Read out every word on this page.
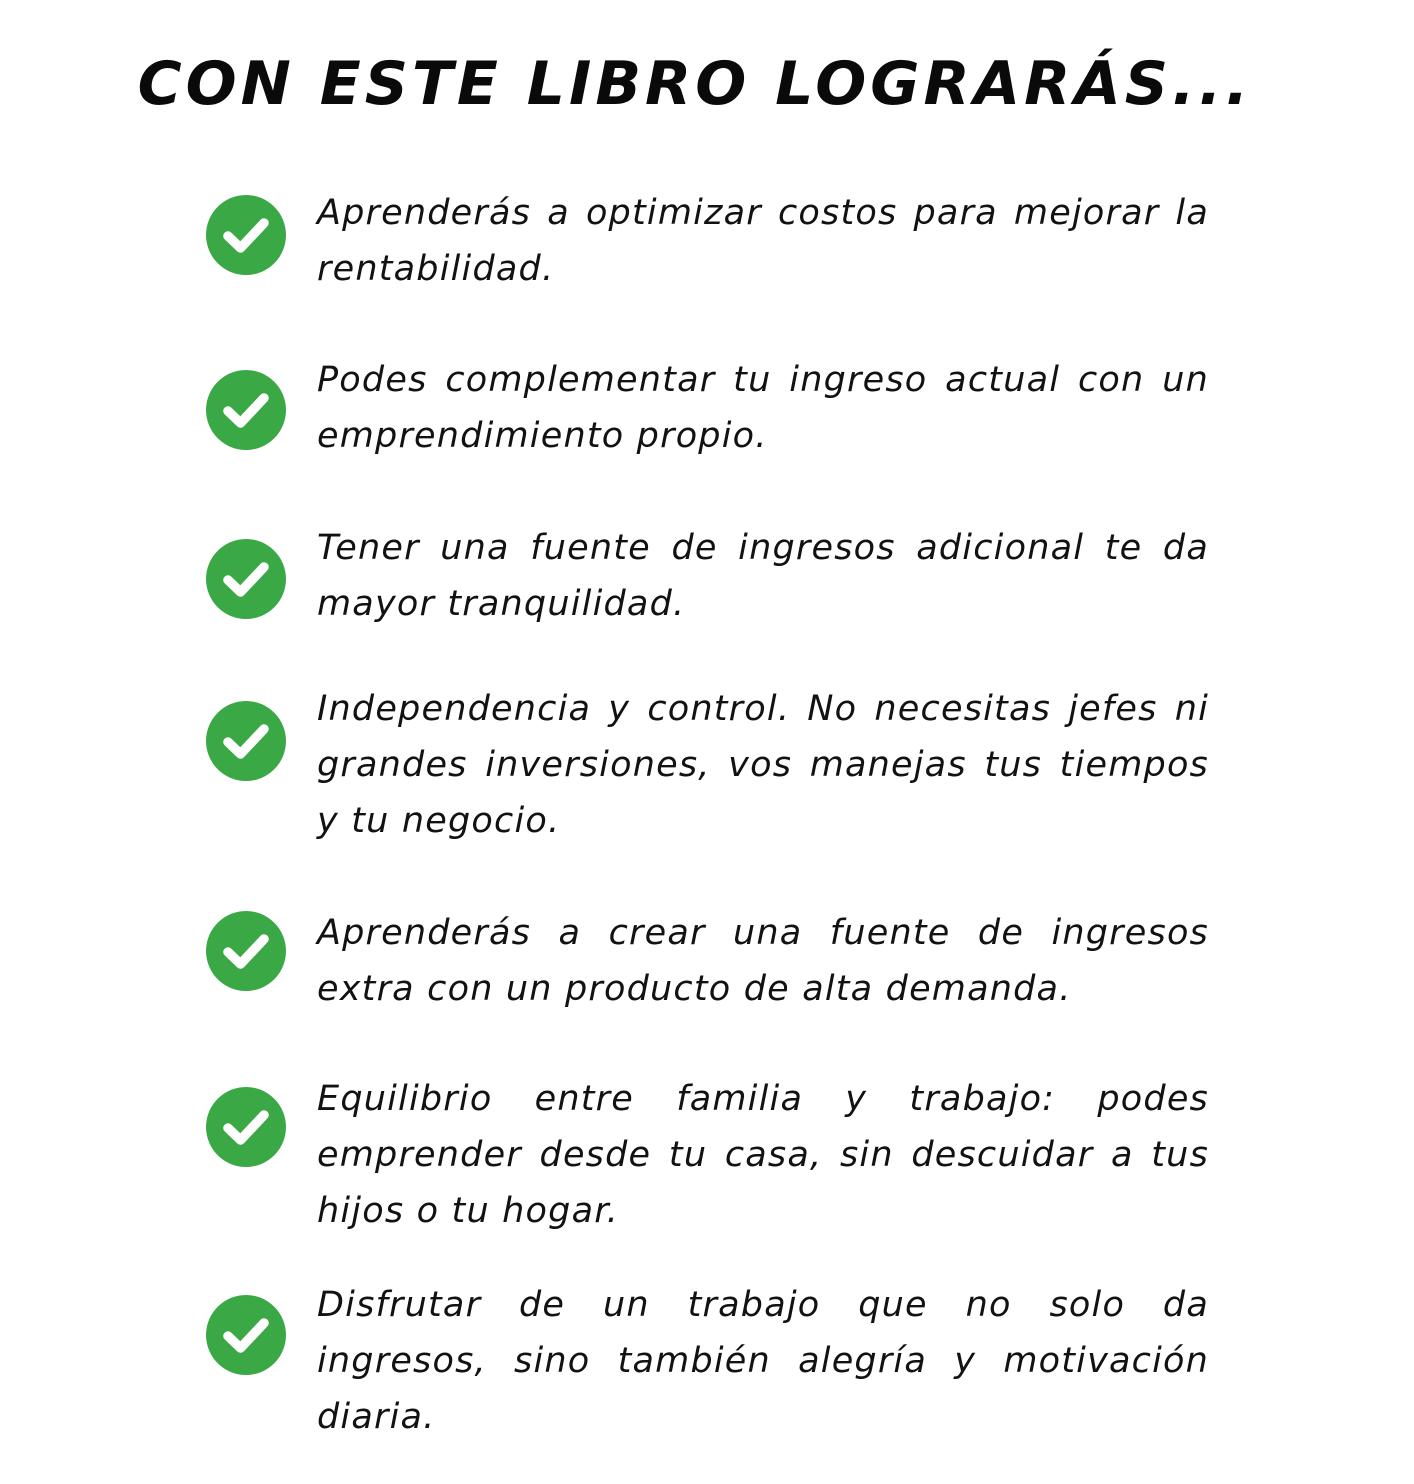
CON ESTE LIBRO LOGRARÁS...

Aprenderás a optimizar costos para mejorar la rentabilidad.

Podes complementar tu ingreso actual con un emprendimiento propio.

Tener una fuente de ingresos adicional te da mayor tranquilidad.

Independencia y control. No necesitas jefes ni grandes inversiones, vos manejas tus tiempos y tu negocio.

Aprenderás a crear una fuente de ingresos extra con un producto de alta demanda.

Equilibrio entre familia y trabajo: podes emprender desde tu casa, sin descuidar a tus hijos o tu hogar.

Disfrutar de un trabajo que no solo da ingresos, sino también alegría y motivación diaria.
